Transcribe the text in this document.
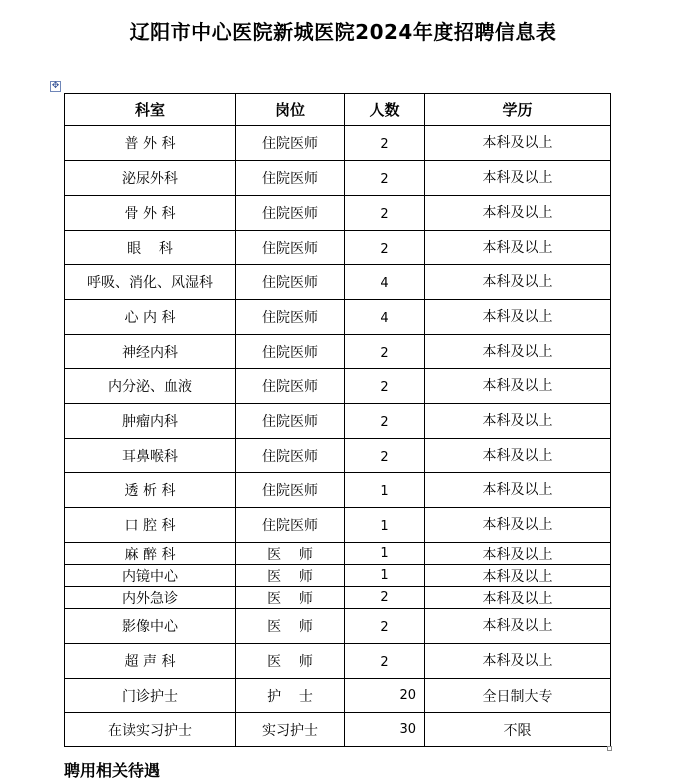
辽阳市中心医院新城医院2024年度招聘信息表
✥
科室	岗位	人数	学历
普 外 科	住院医师	2	本科及以上
泌尿外科	住院医师	2	本科及以上
骨 外 科	住院医师	2	本科及以上
眼    科	住院医师	2	本科及以上
呼吸、消化、风湿科	住院医师	4	本科及以上
心 内 科	住院医师	4	本科及以上
神经内科	住院医师	2	本科及以上
内分泌、血液	住院医师	2	本科及以上
肿瘤内科	住院医师	2	本科及以上
耳鼻喉科	住院医师	2	本科及以上
透 析 科	住院医师	1	本科及以上
口 腔 科	住院医师	1	本科及以上
麻 醉 科	医    师	1	本科及以上
内镜中心	医    师	1	本科及以上
内外急诊	医    师	2	本科及以上
影像中心	医    师	2	本科及以上
超 声 科	医    师	2	本科及以上
门诊护士	护    士	20	全日制大专
在读实习护士	实习护士	30	不限
聘用相关待遇
